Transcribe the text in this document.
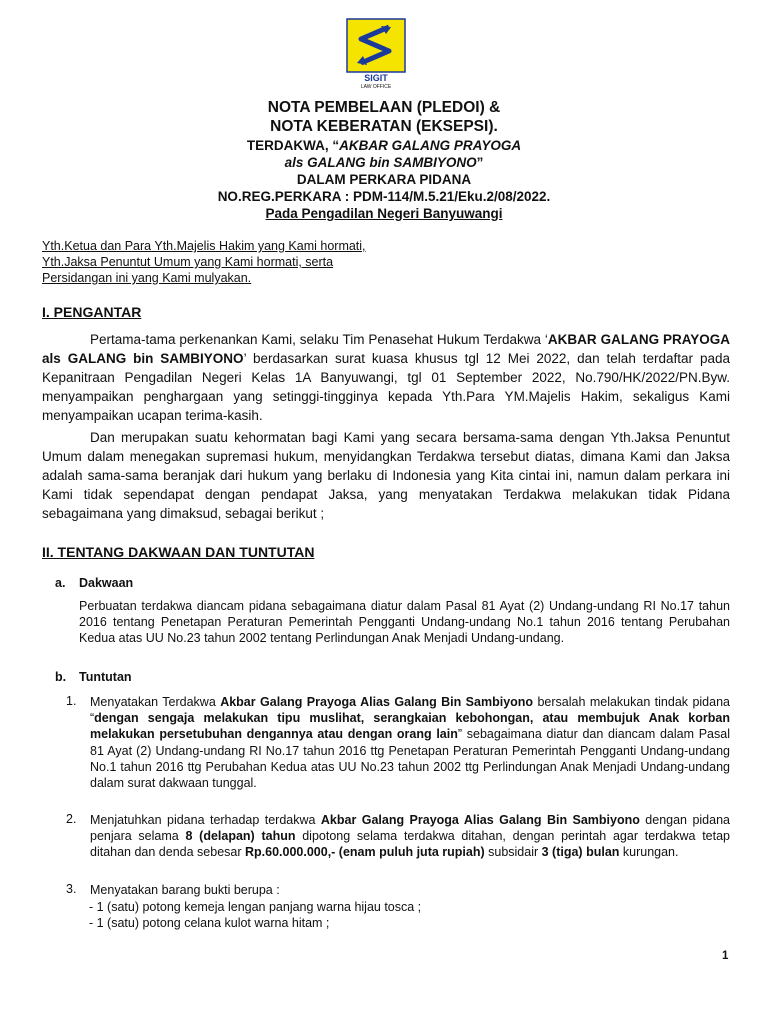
SIGIT
LAW OFFICE
NOTA PEMBELAAN (PLEDOI) &
NOTA KEBERATAN (EKSEPSI).
TERDAKWA, “AKBAR GALANG PRAYOGA
als GALANG bin SAMBIYONO”
DALAM PERKARA PIDANA
NO.REG.PERKARA : PDM-114/M.5.21/Eku.2/08/2022.
Pada Pengadilan Negeri Banyuwangi
Yth.Ketua dan Para Yth.Majelis Hakim yang Kami hormati,
Yth.Jaksa Penuntut Umum yang Kami hormati, serta
Persidangan ini yang Kami mulyakan.
I. PENGANTAR

Pertama-tama perkenankan Kami, selaku Tim Penasehat Hukum Terdakwa ‘AKBAR GALANG PRAYOGA als GALANG bin SAMBIYONO’ berdasarkan surat kuasa khusus tgl 12 Mei 2022, dan telah terdaftar pada Kepanitraan Pengadilan Negeri Kelas 1A Banyuwangi, tgl 01 September 2022, No.790/HK/2022/PN.Byw. menyampaikan penghargaan yang setinggi-tingginya kepada Yth.Para YM.Majelis Hakim, sekaligus Kami menyampaikan ucapan terima-kasih.

Dan merupakan suatu kehormatan bagi Kami yang secara bersama-sama dengan Yth.Jaksa Penuntut Umum dalam menegakan supremasi hukum, menyidangkan Terdakwa tersebut diatas, dimana Kami dan Jaksa adalah sama-sama beranjak dari hukum yang berlaku di Indonesia yang Kita cintai ini, namun dalam perkara ini Kami tidak sependapat dengan pendapat Jaksa, yang menyatakan Terdakwa melakukan tidak Pidana sebagaimana yang dimaksud, sebagai berikut ;

II. TENTANG DAKWAAN DAN TUNTUTAN
a. Dakwaan

Perbuatan terdakwa diancam pidana sebagaimana diatur dalam Pasal 81 Ayat (2) Undang-undang RI No.17 tahun 2016 tentang Penetapan Peraturan Pemerintah Pengganti Undang-undang No.1 tahun 2016 tentang Perubahan Kedua atas UU No.23 tahun 2002 tentang Perlindungan Anak Menjadi Undang-undang.

b. Tuntutan
1. Menyatakan Terdakwa Akbar Galang Prayoga Alias Galang Bin Sambiyono bersalah melakukan tindak pidana “dengan sengaja melakukan tipu muslihat, serangkaian kebohongan, atau membujuk Anak korban melakukan persetubuhan dengannya atau dengan orang lain” sebagaimana diatur dan diancam dalam Pasal 81 Ayat (2) Undang-undang RI No.17 tahun 2016 ttg Penetapan Peraturan Pemerintah Pengganti Undang-undang No.1 tahun 2016 ttg Perubahan Kedua atas UU No.23 tahun 2002 ttg Perlindungan Anak Menjadi Undang-undang dalam surat dakwaan tunggal.

2. Menjatuhkan pidana terhadap terdakwa Akbar Galang Prayoga Alias Galang Bin Sambiyono dengan pidana penjara selama 8 (delapan) tahun dipotong selama terdakwa ditahan, dengan perintah agar terdakwa tetap ditahan dan denda sebesar Rp.60.000.000,- (enam puluh juta rupiah) subsidair 3 (tiga) bulan kurungan.

3. Menyatakan barang bukti berupa :
- 1 (satu) potong kemeja lengan panjang warna hijau tosca ;
- 1 (satu) potong celana kulot warna hitam ;
1
